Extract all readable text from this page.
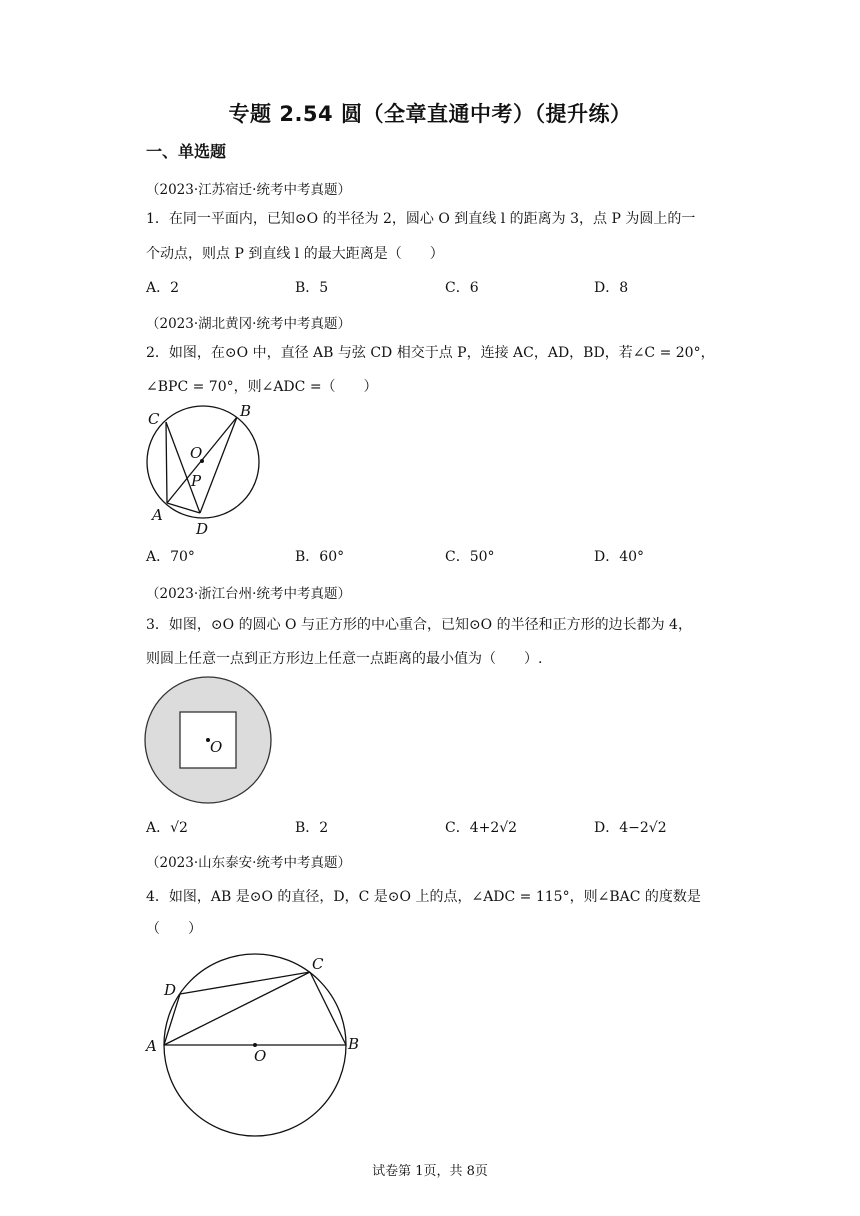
专题 2.54 圆（全章直通中考）（提升练）
一、单选题
（2023·江苏宿迁·统考中考真题）
1．在同一平面内，已知⊙O 的半径为 2，圆心 O 到直线 l 的距离为 3，点 P 为圆上的一
个动点，则点 P 到直线 l 的最大距离是（　　）
A．2	B．5	C．6	D．8
（2023·湖北黄冈·统考中考真题）
2．如图，在⊙O 中，直径 AB 与弦 CD 相交于点 P，连接 AC，AD，BD，若∠C = 20°，
∠BPC = 70°，则∠ADC =（　　）
C	B
O
P
A
D
A．70°	B．60°	C．50°	D．40°
（2023·浙江台州·统考中考真题）
3．如图，⊙O 的圆心 O 与正方形的中心重合，已知⊙O 的半径和正方形的边长都为 4，
则圆上任意一点到正方形边上任意一点距离的最小值为（　　）.
O
A．√2	B．2	C．4+2√2	D．4−2√2
（2023·山东泰安·统考中考真题）
4．如图，AB 是⊙O 的直径，D，C 是⊙O 上的点，∠ADC = 115°，则∠BAC 的度数是
（　　）
C
D
A
O
B
试卷第 1页，共 8页
